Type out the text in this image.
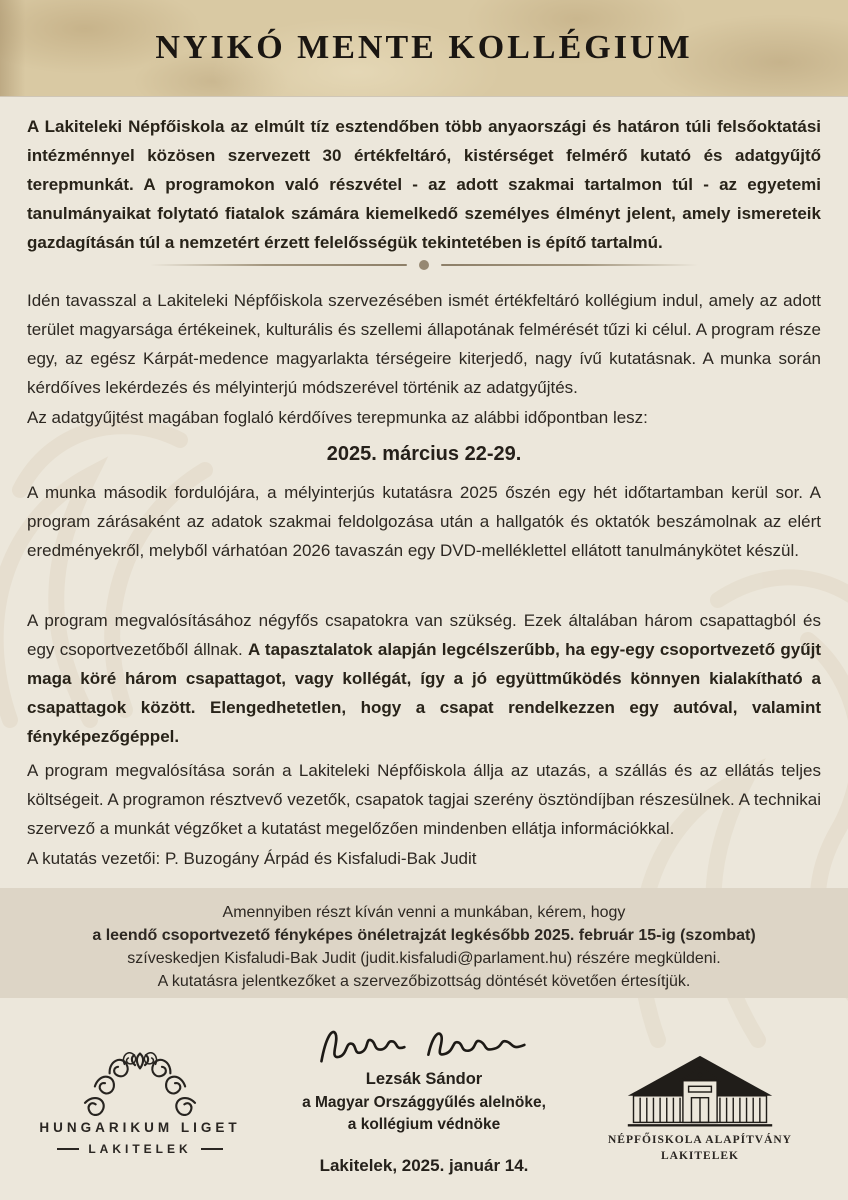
NYIKÓ MENTE KOLLÉGIUM

A Lakiteleki Népfőiskola az elmúlt tíz esztendőben több anyaországi és határon túli felsőoktatási intézménnyel közösen szervezett 30 értékfeltáró, kistérséget felmérő kutató és adatgyűjtő terepmunkát. A programokon való részvétel - az adott szakmai tartalmon túl - az egyetemi tanulmányaikat folytató fiatalok számára kiemelkedő személyes élményt jelent, amely ismereteik gazdagításán túl a nemzetért érzett felelősségük tekintetében is építő tartalmú.

Idén tavasszal a Lakiteleki Népfőiskola szervezésében ismét értékfeltáró kollégium indul, amely az adott terület magyarsága értékeinek, kulturális és szellemi állapotának felmérését tűzi ki célul. A program része egy, az egész Kárpát-medence magyarlakta térségeire kiterjedő, nagy ívű kutatásnak. A munka során kérdőíves lekérdezés és mélyinterjú módszerével történik az adatgyűjtés.

Az adatgyűjtést magában foglaló kérdőíves terepmunka az alábbi időpontban lesz:

2025. március 22-29.

A munka második fordulójára, a mélyinterjús kutatásra 2025 őszén egy hét időtartamban kerül sor. A program zárásaként az adatok szakmai feldolgozása után a hallgatók és oktatók beszámolnak az elért eredményekről, melyből várhatóan 2026 tavaszán egy DVD-melléklettel ellátott tanulmánykötet készül.

A program megvalósításához négyfős csapatokra van szükség. Ezek általában három csapattagból és egy csoportvezetőből állnak. A tapasztalatok alapján legcélszerűbb, ha egy-egy csoportvezető gyűjt maga köré három csapattagot, vagy kollégát, így a jó együttműködés könnyen kialakítható a csapattagok között. Elengedhetetlen, hogy a csapat rendelkezzen egy autóval, valamint fényképezőgéppel.

A program megvalósítása során a Lakiteleki Népfőiskola állja az utazás, a szállás és az ellátás teljes költségeit. A programon résztvevő vezetők, csapatok tagjai szerény ösztöndíjban részesülnek. A technikai szervező a munkát végzőket a kutatást megelőzően mindenben ellátja információkkal.

A kutatás vezetői: P. Buzogány Árpád és Kisfaludi-Bak Judit

Amennyiben részt kíván venni a munkában, kérem, hogy

a leendő csoportvezető fényképes önéletrajzát legkésőbb 2025. február 15-ig (szombat)

szíveskedjen Kisfaludi-Bak Judit (judit.kisfaludi@parlament.hu) részére megküldeni.

A kutatásra jelentkezőket a szervezőbizottság döntését követően értesítjük.

HUNGARIKUM LIGET

LAKITELEK

Lezsák Sándor

a Magyar Országgyűlés alelnöke,

a kollégium védnöke

Lakitelek, 2025. január 14.

NÉPFŐISKOLA ALAPÍTVÁNY
LAKITELEK
